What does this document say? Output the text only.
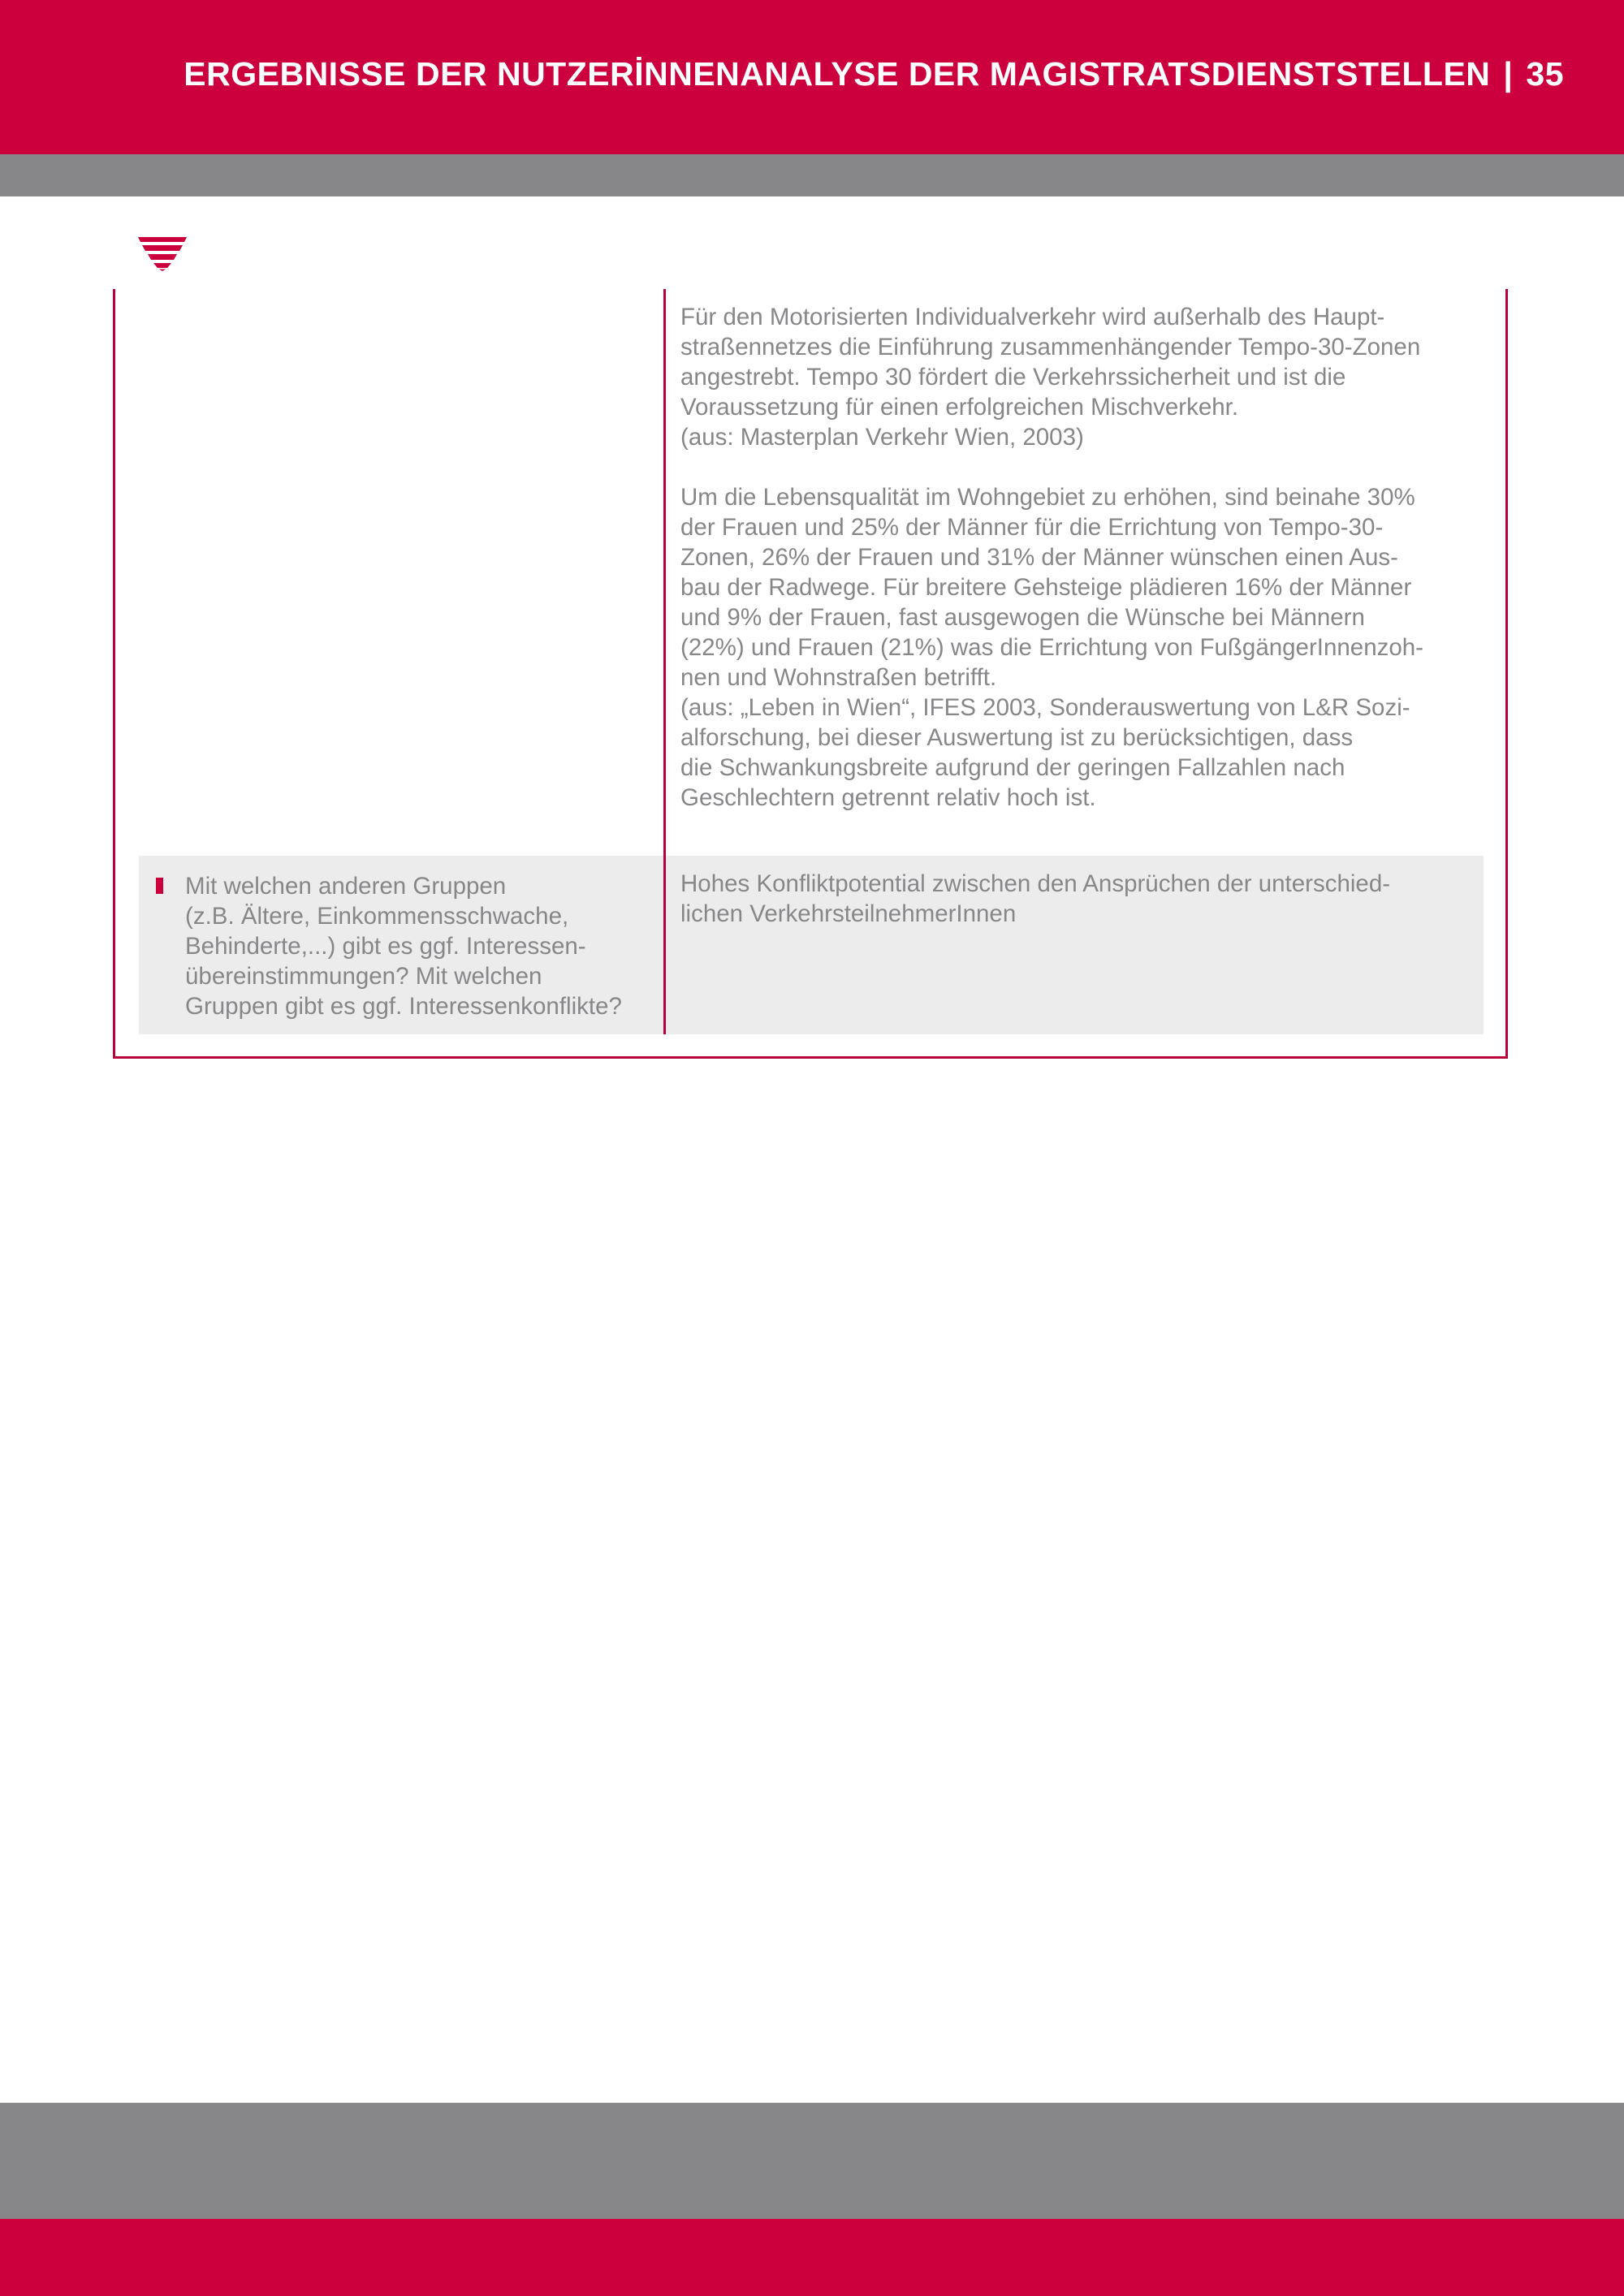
ERGEBNISSE DER NUTZERİNNENANALYSE DER MAGISTRATSDIENSTSTELLEN | 35

Für den Motorisierten Individualverkehr wird außerhalb des Haupt-

straßennetzes die Einführung zusammenhängender Tempo-30-Zonen

angestrebt. Tempo 30 fördert die Verkehrssicherheit und ist die

Voraussetzung für einen erfolgreichen Mischverkehr.

(aus: Masterplan Verkehr Wien, 2003)

Um die Lebensqualität im Wohngebiet zu erhöhen, sind beinahe 30%

der Frauen und 25% der Männer für die Errichtung von Tempo-30-

Zonen, 26% der Frauen und 31% der Männer wünschen einen Aus-

bau der Radwege. Für breitere Gehsteige plädieren 16% der Männer

und 9% der Frauen, fast ausgewogen die Wünsche bei Männern

(22%) und Frauen (21%) was die Errichtung von FußgängerInnenzoh-

nen und Wohnstraßen betrifft.

(aus: „Leben in Wien“, IFES 2003, Sonderauswertung von L&R Sozi-

alforschung, bei dieser Auswertung ist zu berücksichtigen, dass

die Schwankungsbreite aufgrund der geringen Fallzahlen nach

Geschlechtern getrennt relativ hoch ist.

Mit welchen anderen Gruppen

(z.B. Ältere, Einkommensschwache,

Behinderte,...) gibt es ggf. Interessen-

übereinstimmungen? Mit welchen

Gruppen gibt es ggf. Interessenkonflikte?

Hohes Konfliktpotential zwischen den Ansprüchen der unterschied-

lichen VerkehrsteilnehmerInnen
